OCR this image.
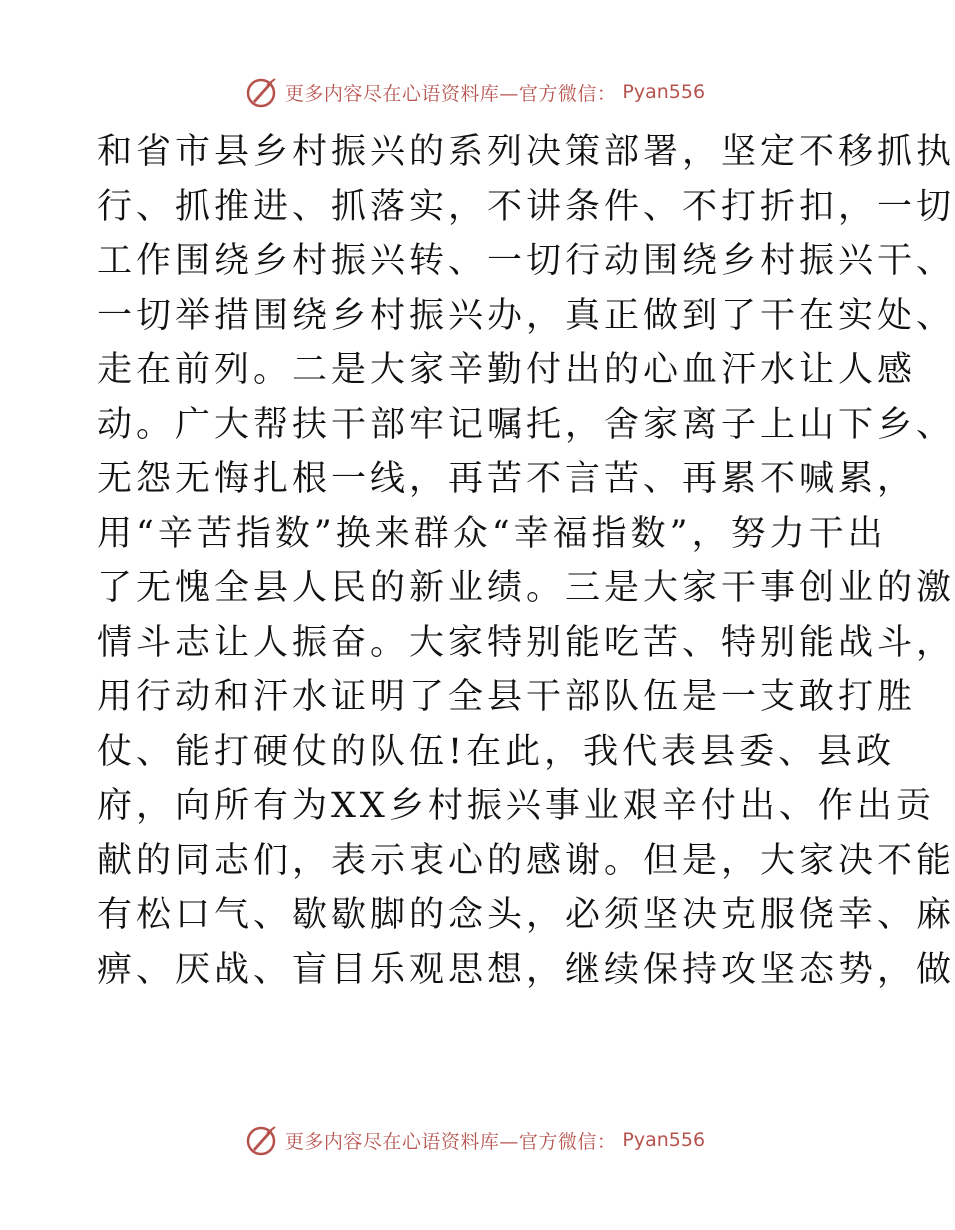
更多内容尽在心语资料库—官方微信： Pyan556
和省市县乡村振兴的系列决策部署，坚定不移抓执
行、抓推进、抓落实，不讲条件、不打折扣，一切
工作围绕乡村振兴转、一切行动围绕乡村振兴干、
一切举措围绕乡村振兴办，真正做到了干在实处、
走在前列。二是大家辛勤付出的心血汗水让人感
动。广大帮扶干部牢记嘱托，舍家离子上山下乡、
无怨无悔扎根一线，再苦不言苦、再累不喊累，
用“辛苦指数”换来群众“幸福指数”，努力干出
了无愧全县人民的新业绩。三是大家干事创业的激
情斗志让人振奋。大家特别能吃苦、特别能战斗，
用行动和汗水证明了全县干部队伍是一支敢打胜
仗、能打硬仗的队伍!在此，我代表县委、县政
府，向所有为XX乡村振兴事业艰辛付出、作出贡
献的同志们，表示衷心的感谢。但是，大家决不能
有松口气、歇歇脚的念头，必须坚决克服侥幸、麻
痹、厌战、盲目乐观思想，继续保持攻坚态势，做
更多内容尽在心语资料库—官方微信： Pyan556
